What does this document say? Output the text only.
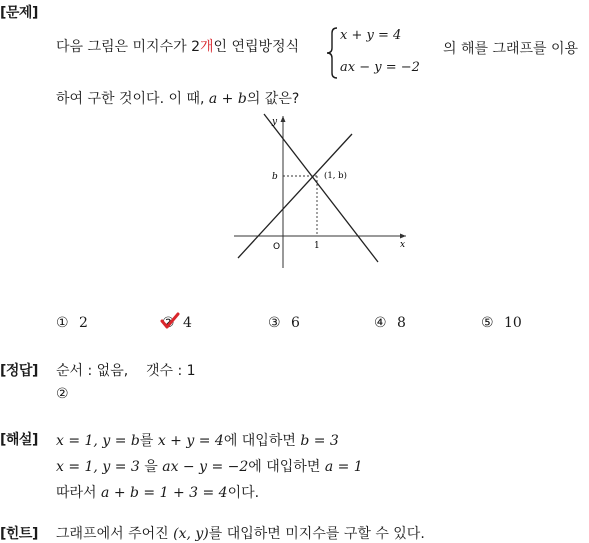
[문제]
다음 그림은 미지수가 2개인 연립방정식
x + y = 4
ax − y = −2
의 해를 그래프를 이용
하여 구한 것이다. 이 때, a + b의 값은?
y
x
O
b
1
(1, b)
① 2	② 4	③ 6	④ 8	⑤ 10
[정답] 순서 : 없음,    갯수 : 1
②
[해설] x = 1, y = b를 x + y = 4에 대입하면 b = 3
x = 1, y = 3 을 ax − y = −2에 대입하면 a = 1
따라서 a + b = 1 + 3 = 4이다.
[힌트] 그래프에서 주어진 (x, y)를 대입하면 미지수를 구할 수 있다.
